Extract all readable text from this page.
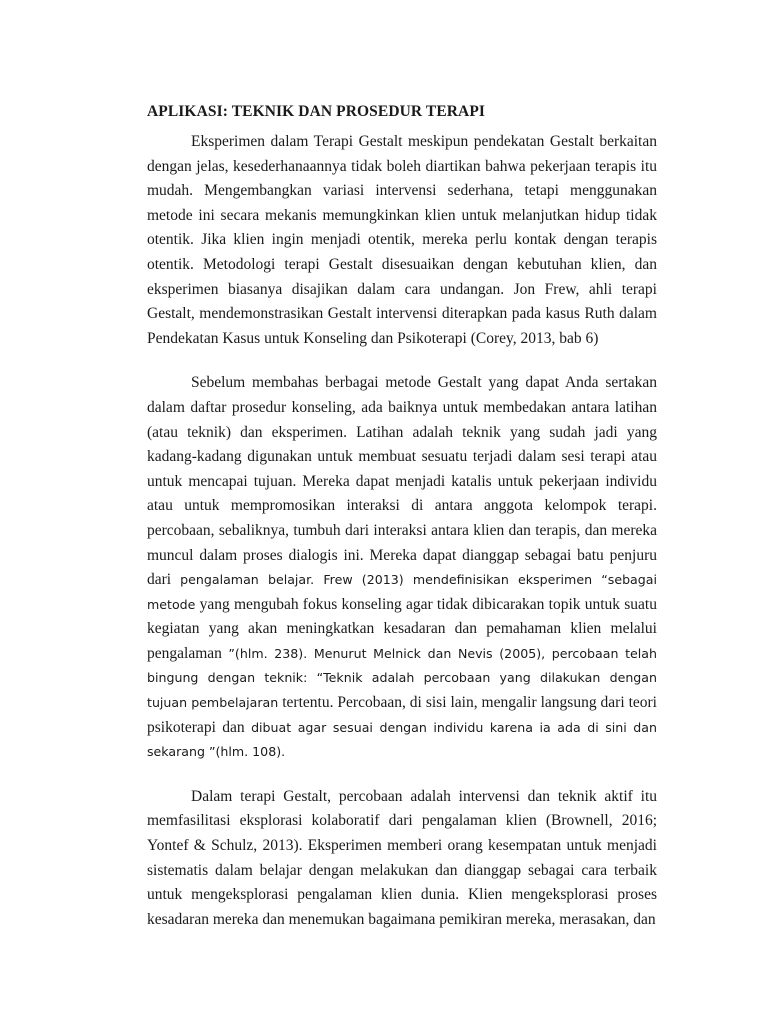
APLIKASI: TEKNIK DAN PROSEDUR TERAPI

Eksperimen dalam Terapi Gestalt meskipun pendekatan Gestalt berkaitan dengan jelas, kesederhanaannya tidak boleh diartikan bahwa pekerjaan terapis itu mudah. Mengembangkan variasi intervensi sederhana, tetapi menggunakan metode ini secara mekanis memungkinkan klien untuk melanjutkan hidup tidak otentik. Jika klien ingin menjadi otentik, mereka perlu kontak dengan terapis otentik. Metodologi terapi Gestalt disesuaikan dengan kebutuhan klien, dan eksperimen biasanya disajikan dalam cara undangan. Jon Frew, ahli terapi Gestalt, mendemonstrasikan Gestalt intervensi diterapkan pada kasus Ruth dalam Pendekatan Kasus untuk Konseling dan Psikoterapi (Corey, 2013, bab 6)

Sebelum membahas berbagai metode Gestalt yang dapat Anda sertakan dalam daftar prosedur konseling, ada baiknya untuk membedakan antara latihan (atau teknik) dan eksperimen. Latihan adalah teknik yang sudah jadi yang kadang-kadang digunakan untuk membuat sesuatu terjadi dalam sesi terapi atau untuk mencapai tujuan. Mereka dapat menjadi katalis untuk pekerjaan individu atau untuk mempromosikan interaksi di antara anggota kelompok terapi. percobaan, sebaliknya, tumbuh dari interaksi antara klien dan terapis, dan mereka muncul dalam proses dialogis ini. Mereka dapat dianggap sebagai batu penjuru dari pengalaman belajar. Frew (2013) mendefinisikan eksperimen “sebagai metode yang mengubah fokus konseling agar tidak dibicarakan topik untuk suatu kegiatan yang akan meningkatkan kesadaran dan pemahaman klien melalui pengalaman ”(hlm. 238). Menurut Melnick dan Nevis (2005), percobaan telah bingung dengan teknik: “Teknik adalah percobaan yang dilakukan dengan tujuan pembelajaran tertentu. Percobaan, di sisi lain, mengalir langsung dari teori psikoterapi dan dibuat agar sesuai dengan individu karena ia ada di sini dan sekarang ”(hlm. 108).

Dalam terapi Gestalt, percobaan adalah intervensi dan teknik aktif itu memfasilitasi eksplorasi kolaboratif dari pengalaman klien (Brownell, 2016; Yontef & Schulz, 2013). Eksperimen memberi orang kesempatan untuk menjadi sistematis dalam belajar dengan melakukan dan dianggap sebagai cara terbaik untuk mengeksplorasi pengalaman klien dunia. Klien mengeksplorasi proses kesadaran mereka dan menemukan bagaimana pemikiran mereka, merasakan, dan
